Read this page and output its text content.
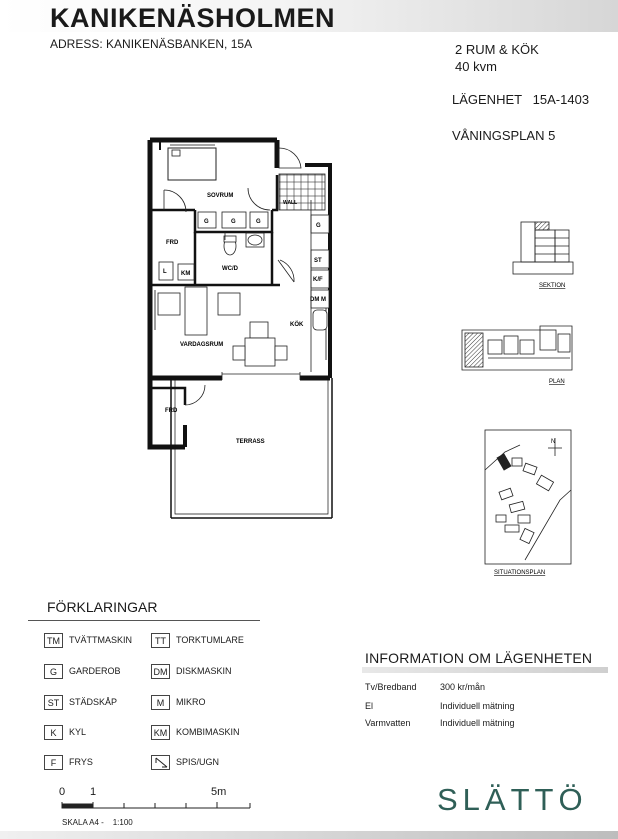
KANIKENÄSHOLMEN
ADRESS: KANIKENÄSBANKEN, 15A	2 RUM & KÖK
40 kvm
LÄGENHET   15A-1403
VÅNINGSPLAN 5
SOVRUM
WALL
FRD
WC/D
KM
L
G	G	G
G
ST
K/F
DM M
KÖK
VARDAGSRUM
FRD
TERRASS
SEKTION
PLAN
N
SITUATIONSPLAN
FÖRKLARINGAR
TM	TVÄTTMASKIN	TT	TORKTUMLARE
G	GARDEROB	DM DISKMASKIN
ST	STÄDSKÅP	M	MIKRO
K	KYL	KM KOMBIMASKIN
F	FRYS	SPIS/UGN
0 1	5m
SKALA A4 -    1:100
INFORMATION OM LÄGENHETEN
Tv/Bredband	300 kr/mån
El	Individuell mätning
Varmvatten	Individuell mätning
SLÄTTÖ
